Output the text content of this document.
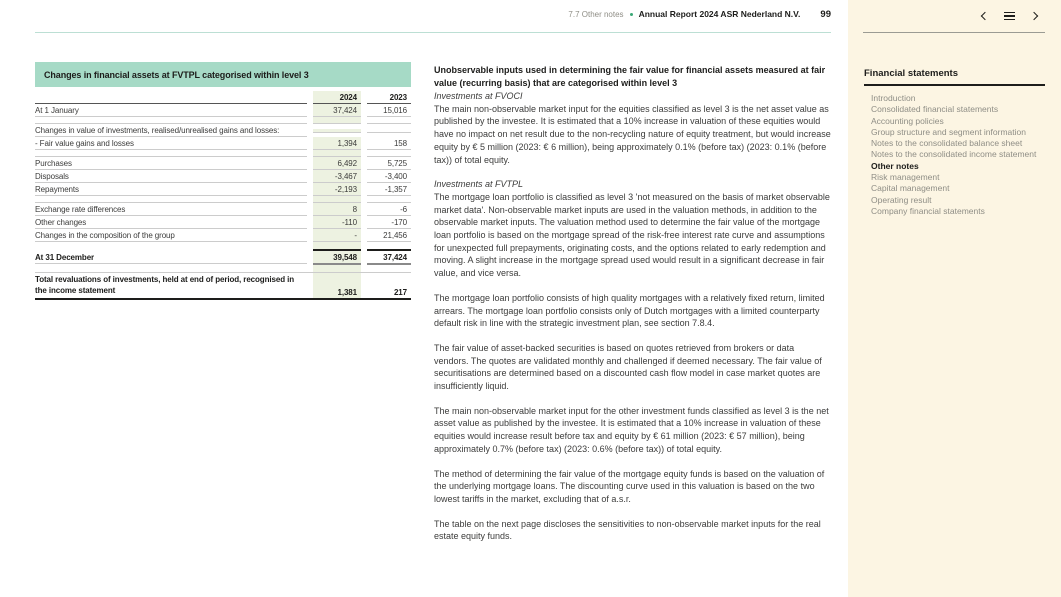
7.7 Other notes Annual Report 2024 ASR Nederland N.V. 99
Changes in financial assets at FVTPL categorised within level 3
2024	2023
At 1 January	37,424	15,016
Changes in value of investments, realised/unrealised gains and losses:
- Fair value gains and losses	1,394	158
Purchases	6,492	5,725
Disposals	-3,467	-3,400
Repayments	-2,193	-1,357
Exchange rate differences	8	-6
Other changes	-110	-170
Changes in the composition of the group	-	21,456
At 31 December	39,548	37,424
Total revaluations of investments, held at end of period, recognised in the income statement	1,381	217
Unobservable inputs used in determining the fair value for financial assets measured at fair value (recurring basis) that are categorised within level 3
Investments at FVOCI

The main non-observable market input for the equities classified as level 3 is the net asset value as published by the investee. It is estimated that a 10% increase in valuation of these equities would have no impact on net result due to the non-recycling nature of equity treatment, but would increase equity by € 5 million (2023: € 6 million), being approximately 0.1% (before tax) (2023: 0.1% (before tax)) of total equity.

Investments at FVTPL

The mortgage loan portfolio is classified as level 3 'not measured on the basis of market observable market data'. Non-observable market inputs are used in the valuation methods, in addition to the observable market inputs. The valuation method used to determine the fair value of the mortgage loan portfolio is based on the mortgage spread of the risk-free interest rate curve and assumptions for unexpected full prepayments, originating costs, and the options related to early redemption and moving. A slight increase in the mortgage spread used would result in a significant decrease in fair value, and vice versa.

The mortgage loan portfolio consists of high quality mortgages with a relatively fixed return, limited arrears. The mortgage loan portfolio consists only of Dutch mortgages with a limited counterparty default risk in line with the strategic investment plan, see section 7.8.4.

The fair value of asset-backed securities is based on quotes retrieved from brokers or data vendors. The quotes are validated monthly and challenged if deemed necessary. The fair value of securitisations are determined based on a discounted cash flow model in case market quotes are insufficiently liquid.

The main non-observable market input for the other investment funds classified as level 3 is the net asset value as published by the investee. It is estimated that a 10% increase in valuation of these equities would increase result before tax and equity by € 61 million (2023: € 57 million), being approximately 0.7% (before tax) (2023: 0.6% (before tax)) of total equity.

The method of determining the fair value of the mortgage equity funds is based on the valuation of the underlying mortgage loans. The discounting curve used in this valuation is based on the two lowest tariffs in the market, excluding that of a.s.r.

The table on the next page discloses the sensitivities to non-observable market inputs for the real estate equity funds.

Financial statements
Introduction
Consolidated financial statements
Accounting policies
Group structure and segment information
Notes to the consolidated balance sheet
Notes to the consolidated income statement
Other notes
Risk management
Capital management
Operating result
Company financial statements
